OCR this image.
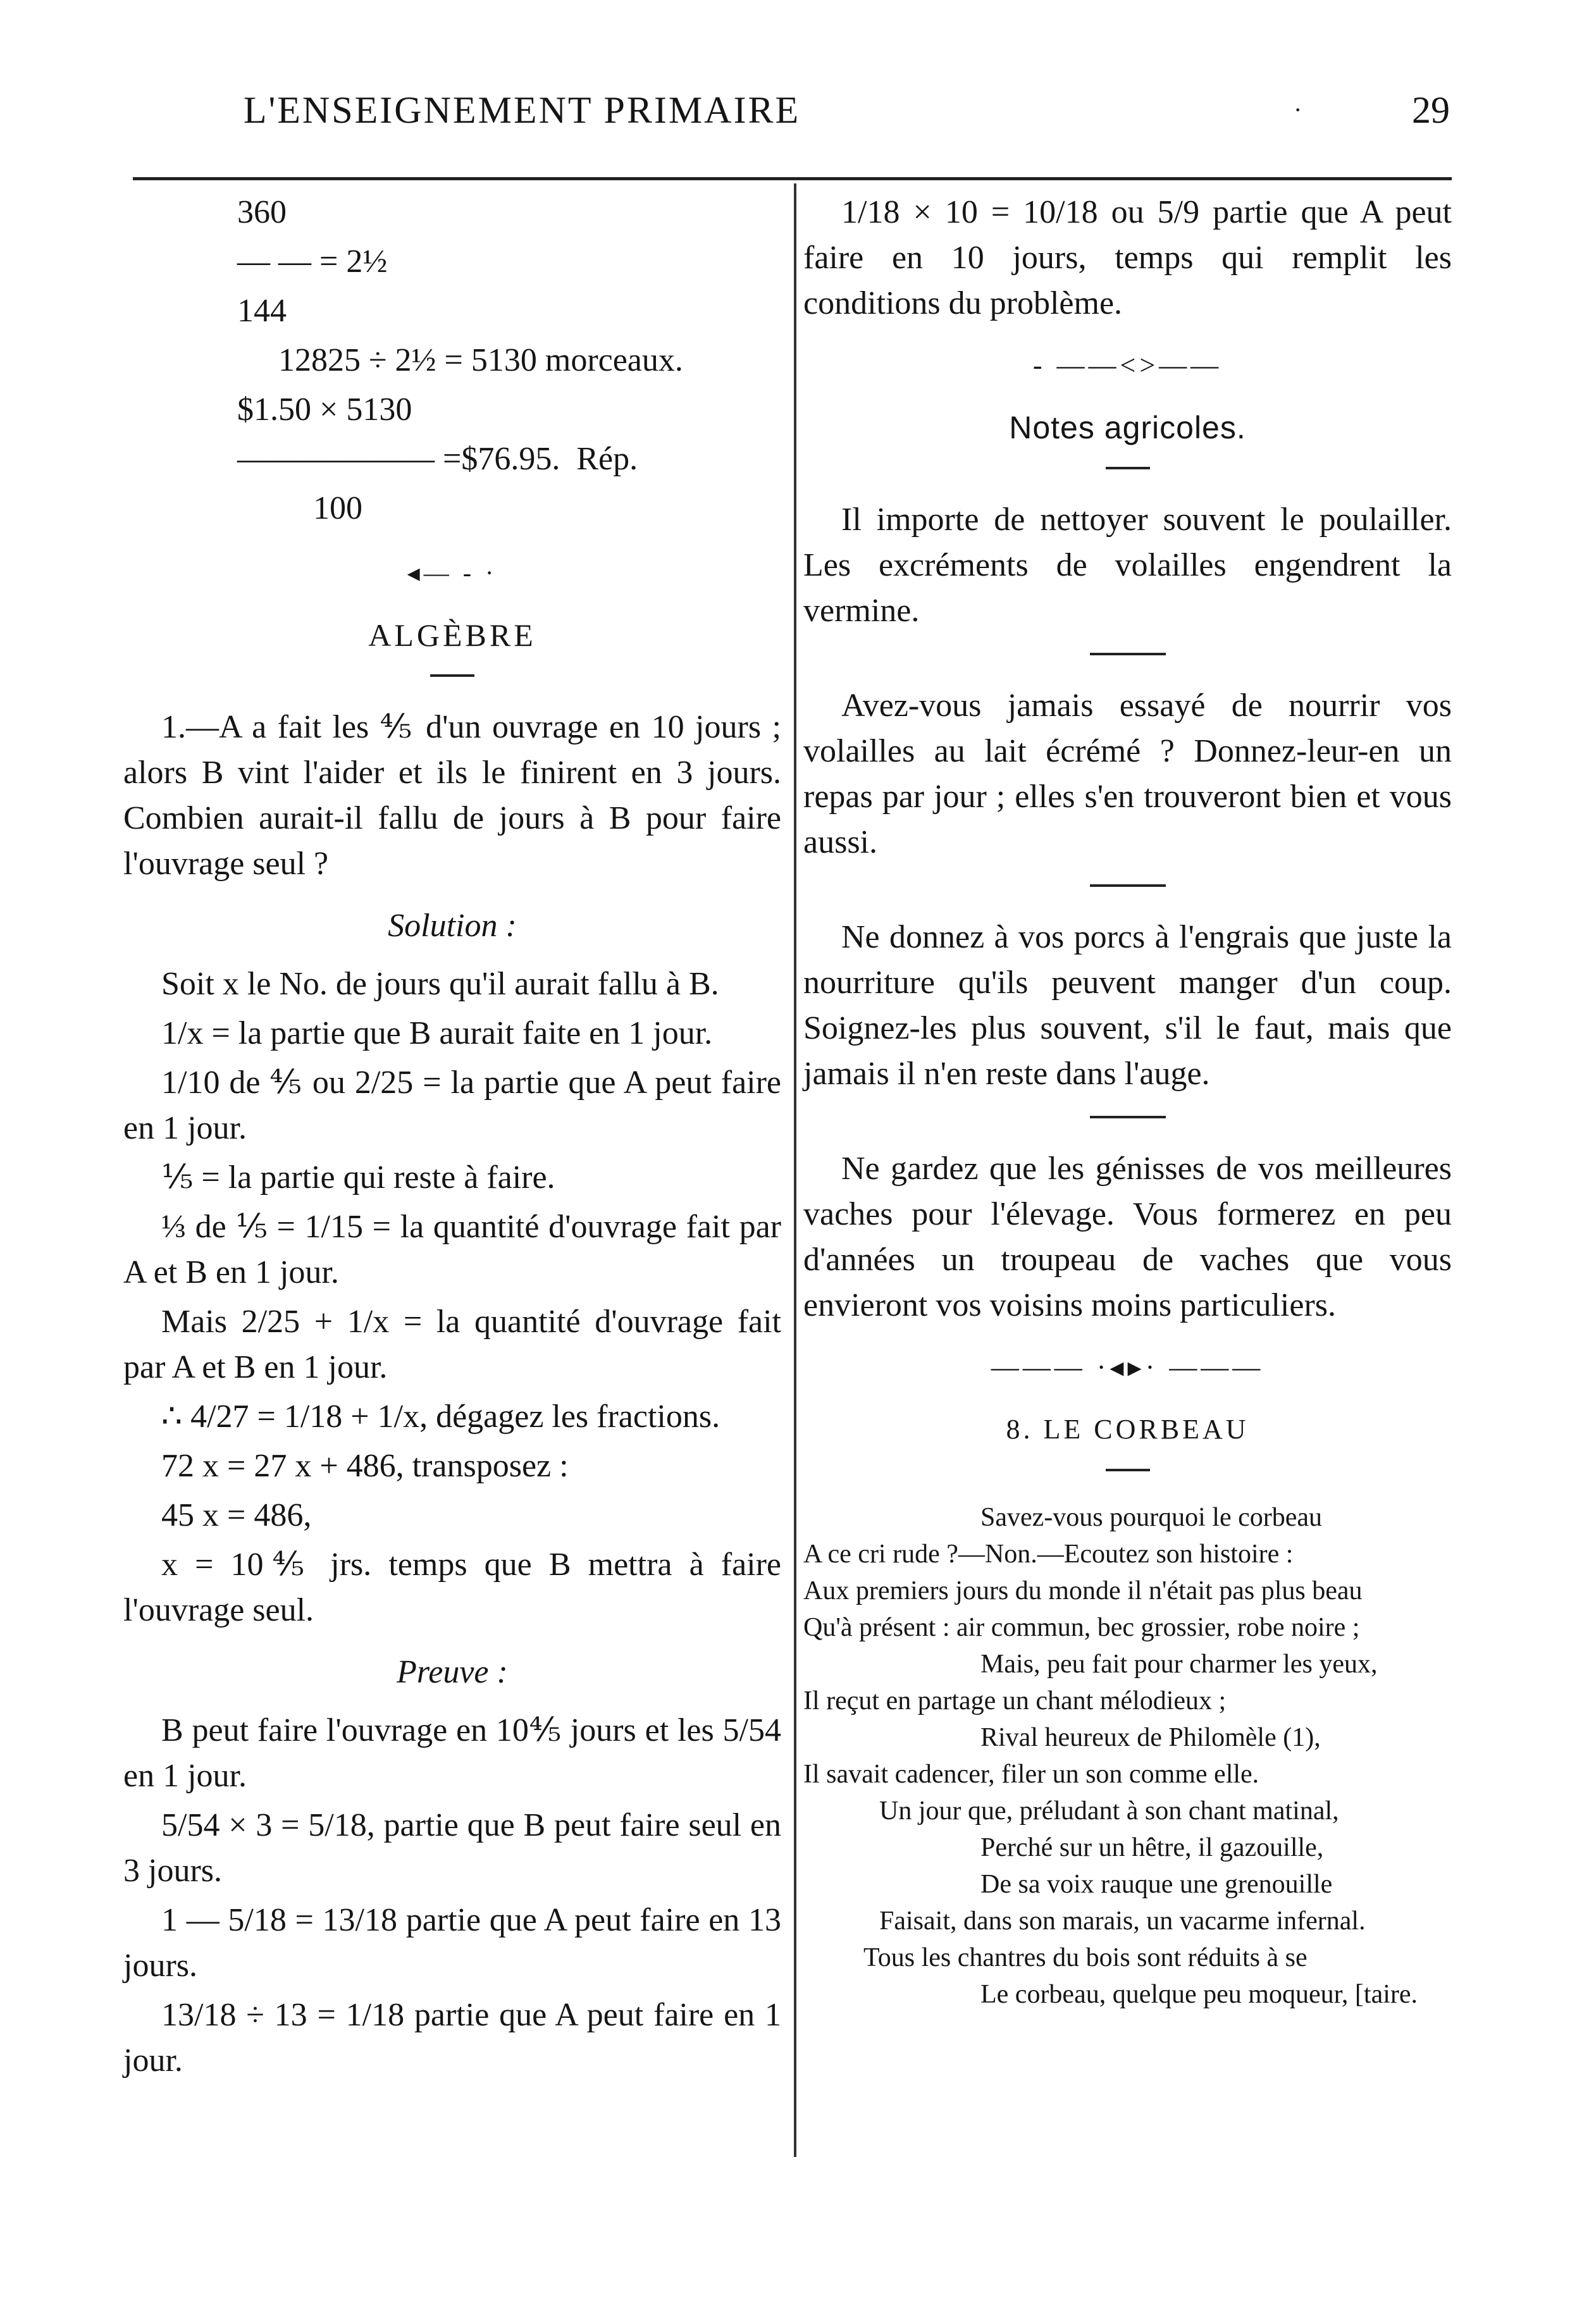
L'ENSEIGNEMENT PRIMAIRE	·	29

360

— — = 2½

144

12825 ÷ 2½ = 5130 morceaux.

$1.50 × 5130

—————— =$76.95.  Rép.

100

◂— - ·
ALGÈBRE

1.—A a fait les ⅘ d'un ouvrage en 10 jours ; alors B vint l'aider et ils le finirent en 3 jours. Combien aurait-il fallu de jours à B pour faire l'ouvrage seul ?

Solution :

Soit x le No. de jours qu'il aurait fallu à B.

1/x = la partie que B aurait faite en 1 jour.

1/10 de ⅘ ou 2/25 = la partie que A peut faire en 1 jour.

⅕ = la partie qui reste à faire.

⅓ de ⅕ = 1/15 = la quantité d'ouvrage fait par A et B en 1 jour.

Mais 2/25 + 1/x = la quantité d'ouvrage fait par A et B en 1 jour.

∴ 4/27 = 1/18 + 1/x, dégagez les fractions.

72 x = 27 x + 486, transposez :

45 x = 486,

x = 10⅘ jrs. temps que B mettra à faire l'ouvrage seul.

Preuve :

B peut faire l'ouvrage en 10⅘ jours et les 5/54 en 1 jour.

5/54 × 3 = 5/18, partie que B peut faire seul en 3 jours.

1 — 5/18 = 13/18 partie que A peut faire en 13 jours.

13/18 ÷ 13 = 1/18 partie que A peut faire en 1 jour.

1/18 × 10 = 10/18 ou 5/9 partie que A peut faire en 10 jours, temps qui remplit les conditions du problème.

- ——<>——
Notes agricoles.

Il importe de nettoyer souvent le poulailler. Les excréments de volailles engendrent la vermine.

Avez-vous jamais essayé de nourrir vos volailles au lait écrémé ? Donnez-leur-en un repas par jour ; elles s'en trouveront bien et vous aussi.

Ne donnez à vos porcs à l'engrais que juste la nourriture qu'ils peuvent manger d'un coup. Soignez-les plus souvent, s'il le faut, mais que jamais il n'en reste dans l'auge.

Ne gardez que les génisses de vos meilleures vaches pour l'élevage. Vous formerez en peu d'années un troupeau de vaches que vous envieront vos voisins moins particuliers.

——— ·◂▸· ———
8. LE CORBEAU
Savez-vous pourquoi le corbeau
A ce cri rude ?—Non.—Ecoutez son histoire :
Aux premiers jours du monde il n'était pas plus beau
Qu'à présent : air commun, bec grossier, robe noire ;
Mais, peu fait pour charmer les yeux,
Il reçut en partage un chant mélodieux ;
Rival heureux de Philomèle (1),
Il savait cadencer, filer un son comme elle.
Un jour que, préludant à son chant matinal,
Perché sur un hêtre, il gazouille,
De sa voix rauque une grenouille
Faisait, dans son marais, un vacarme infernal.
Tous les chantres du bois sont réduits à se
Le corbeau, quelque peu moqueur, [taire.
